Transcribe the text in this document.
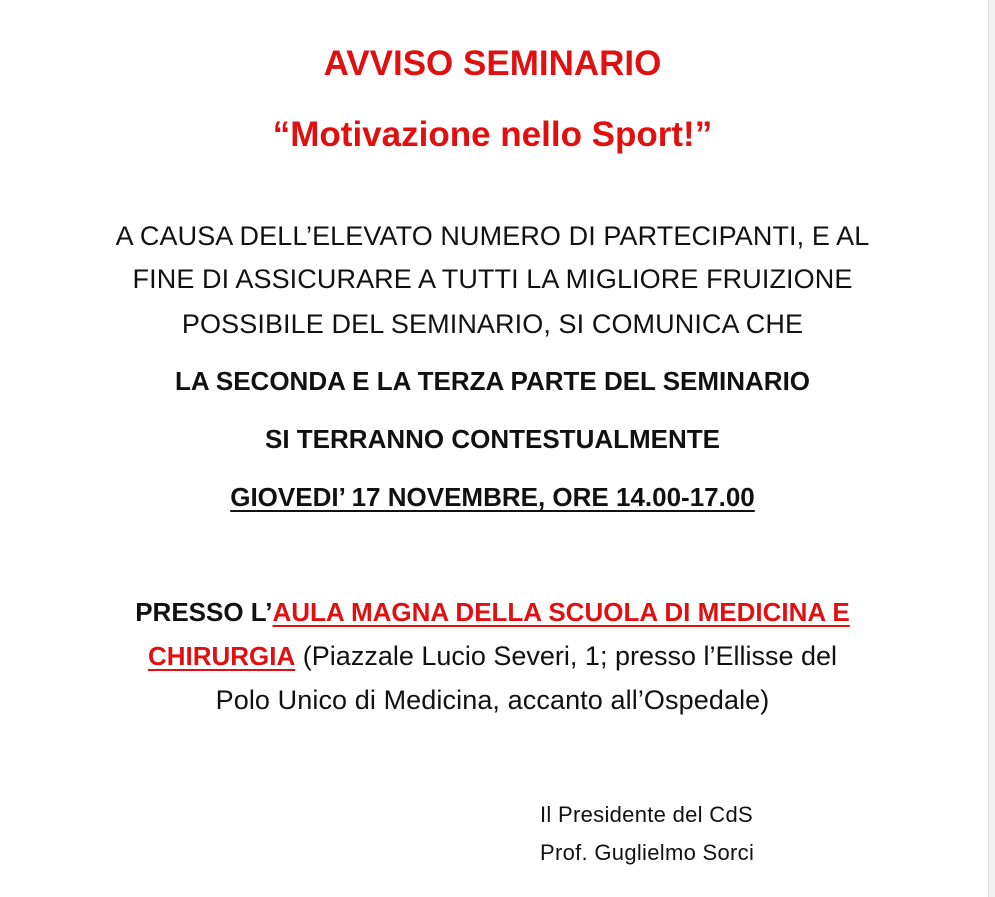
AVVISO SEMINARIO
“Motivazione nello Sport!”
A CAUSA DELL’ELEVATO NUMERO DI PARTECIPANTI, E AL
FINE DI ASSICURARE A TUTTI LA MIGLIORE FRUIZIONE
POSSIBILE DEL SEMINARIO, SI COMUNICA CHE
LA SECONDA E LA TERZA PARTE DEL SEMINARIO
SI TERRANNO CONTESTUALMENTE
GIOVEDI’ 17 NOVEMBRE, ORE 14.00-17.00
PRESSO L’AULA MAGNA DELLA SCUOLA DI MEDICINA E
CHIRURGIA (Piazzale Lucio Severi, 1; presso l’Ellisse del
Polo Unico di Medicina, accanto all’Ospedale)
Il Presidente del CdS
Prof. Guglielmo Sorci
